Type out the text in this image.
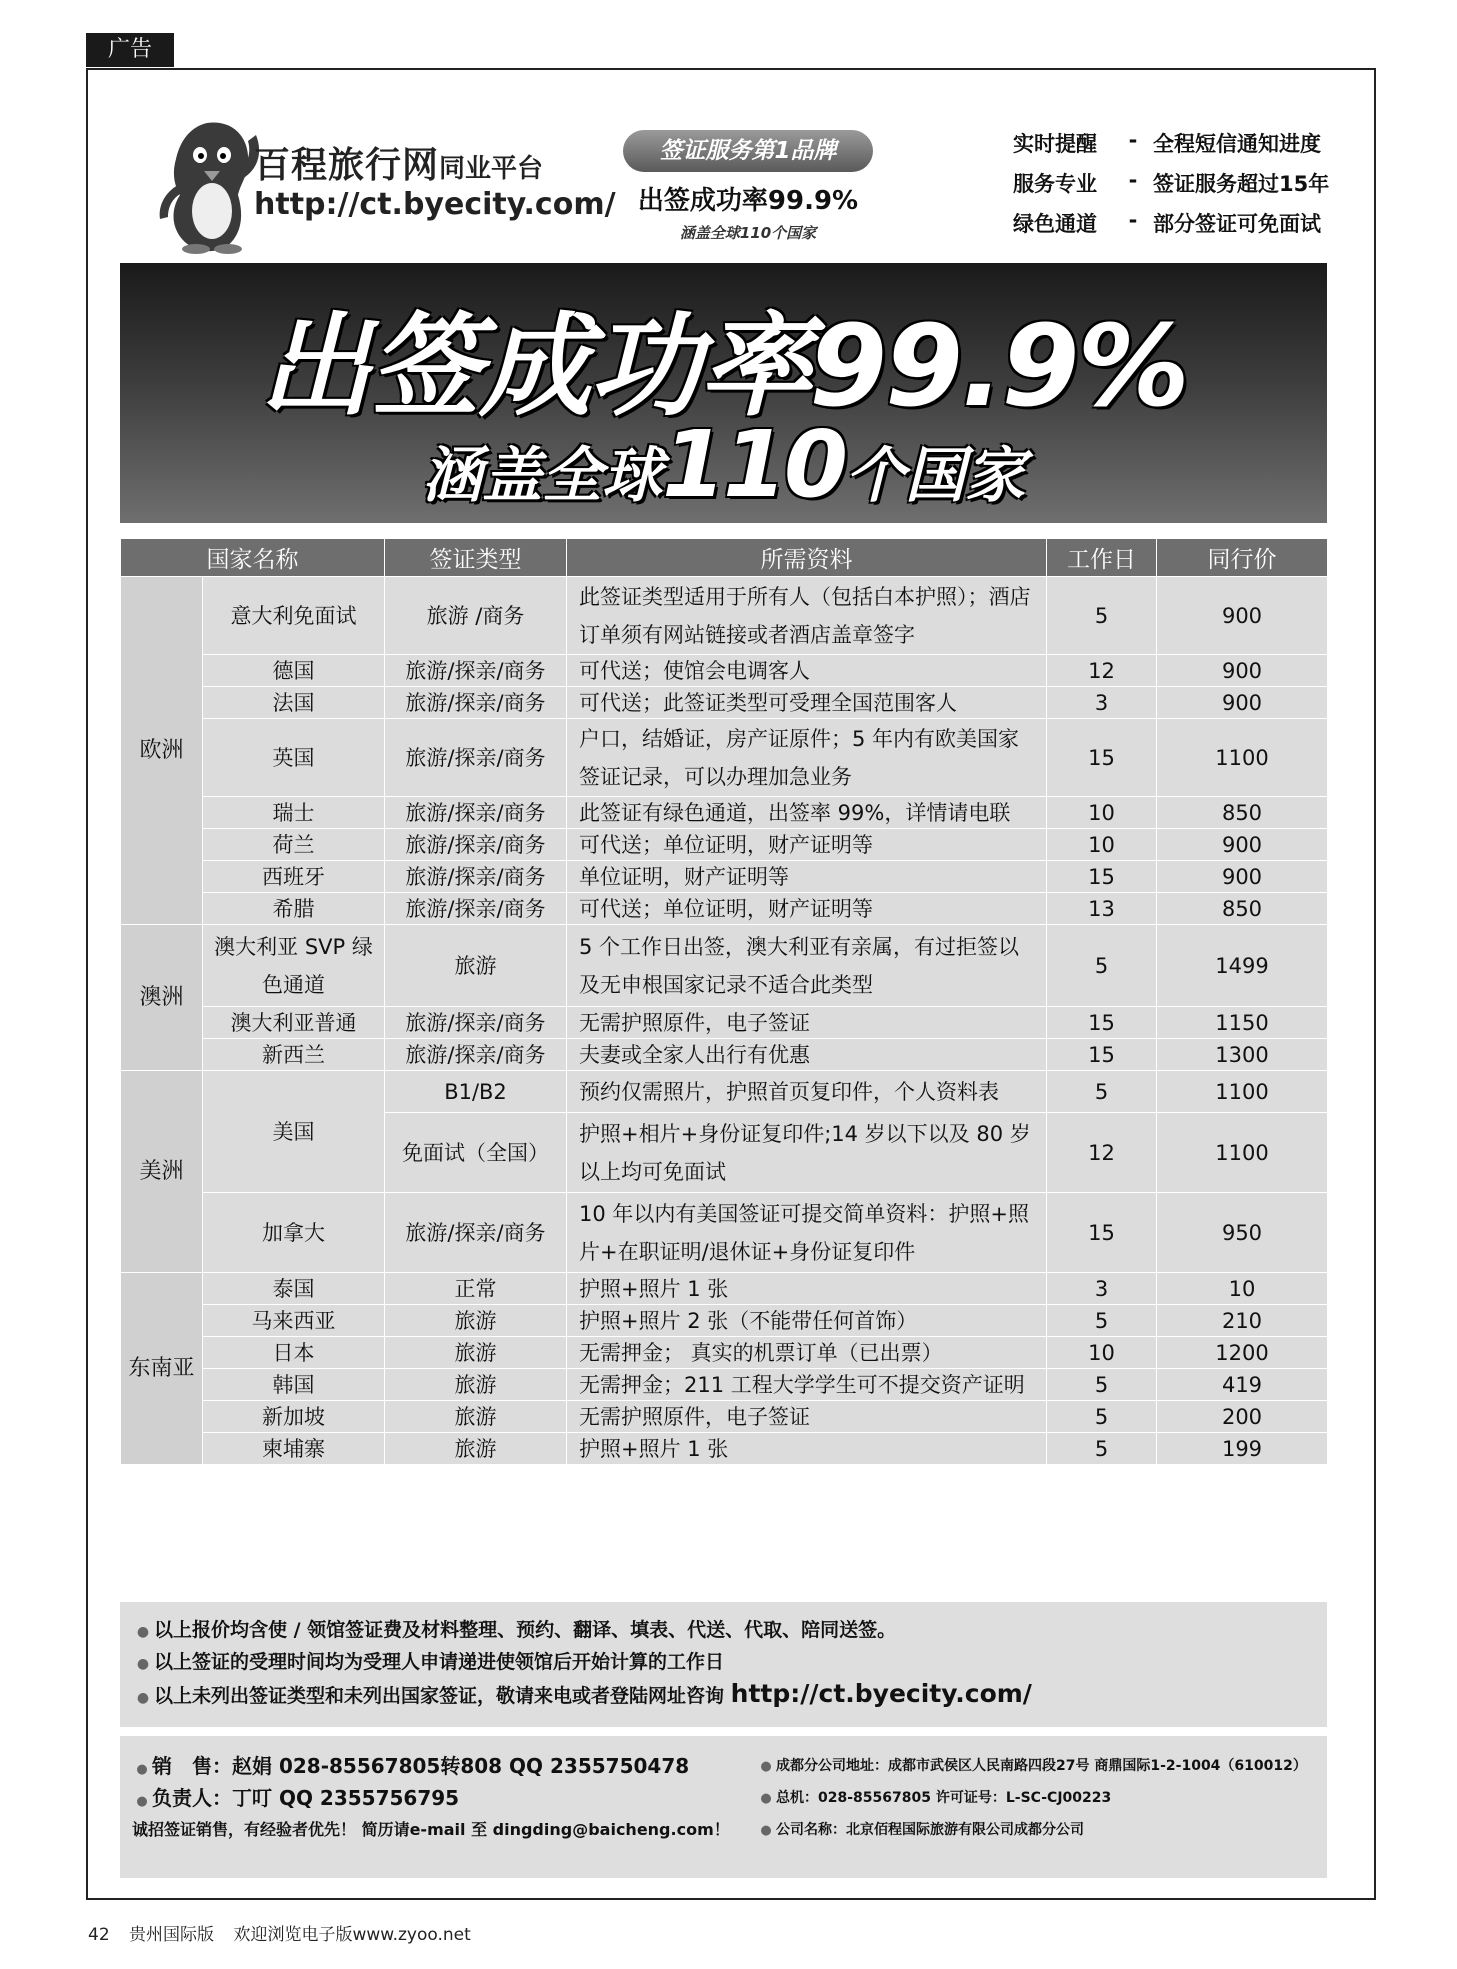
广告
百程旅行网同业平台
http://ct.byecity.com/
签证服务第1品牌
出签成功率99.9%
涵盖全球110个国家
实时提醒	- 全程短信通知进度
服务专业	- 签证服务超过15年
绿色通道	- 部分签证可免面试
出签成功率99.9%
涵盖全球110个国家
国家名称		签证类型	所需资料	工作日	同行价
欧洲	意大利免面试	旅游 /商务	此签证类型适用于所有人（包括白本护照）；酒店订单须有网站链接或者酒店盖章签字	5	900
	德国	旅游/探亲/商务	可代送；使馆会电调客人	12	900
	法国	旅游/探亲/商务	可代送；此签证类型可受理全国范围客人	3	900
	英国	旅游/探亲/商务	户口，结婚证，房产证原件；5 年内有欧美国家签证记录，可以办理加急业务	15	1100
	瑞士	旅游/探亲/商务	此签证有绿色通道，出签率 99%，详情请电联	10	850
	荷兰	旅游/探亲/商务	可代送；单位证明，财产证明等	10	900
	西班牙	旅游/探亲/商务	单位证明，财产证明等	15	900
	希腊	旅游/探亲/商务	可代送；单位证明，财产证明等	13	850
澳洲	澳大利亚 SVP 绿色通道	旅游	5 个工作日出签，澳大利亚有亲属，有过拒签以及无申根国家记录不适合此类型	5	1499
	澳大利亚普通	旅游/探亲/商务	无需护照原件，电子签证	15	1150
	新西兰	旅游/探亲/商务	夫妻或全家人出行有优惠	15	1300
美洲	美国	B1/B2	预约仅需照片，护照首页复印件，个人资料表	5	1100
		免面试（全国）	护照+相片+身份证复印件;14 岁以下以及 80 岁以上均可免面试	12	1100
	加拿大	旅游/探亲/商务	10 年以内有美国签证可提交简单资料：护照+照片+在职证明/退休证+身份证复印件	15	950
东南亚	泰国	正常	护照+照片 1 张	3	10
	马来西亚	旅游	护照+照片 2 张（不能带任何首饰）	5	210
	日本	旅游	无需押金； 真实的机票订单（已出票）	10	1200
	韩国	旅游	无需押金；211 工程大学学生可不提交资产证明	5	419
	新加坡	旅游	无需护照原件，电子签证	5	200
	柬埔寨	旅游	护照+照片 1 张	5	199
● 以上报价均含使 / 领馆签证费及材料整理、预约、翻译、填表、代送、代取、陪同送签。
● 以上签证的受理时间均为受理人申请递进使领馆后开始计算的工作日
● 以上未列出签证类型和未列出国家签证，敬请来电或者登陆网址咨询 http://ct.byecity.com/
● 销　售：赵娟 028-85567805转808 QQ 2355750478
● 负责人：丁叮 QQ 2355756795
诚招签证销售，有经验者优先！ 简历请e-mail 至 dingding@baicheng.com！
● 成都分公司地址：成都市武侯区人民南路四段27号 商鼎国际1-2-1004（610012）
● 总机：028-85567805 许可证号：L-SC-CJ00223
● 公司名称：北京佰程国际旅游有限公司成都分公司
42 贵州国际版 欢迎浏览电子版www.zyoo.net
